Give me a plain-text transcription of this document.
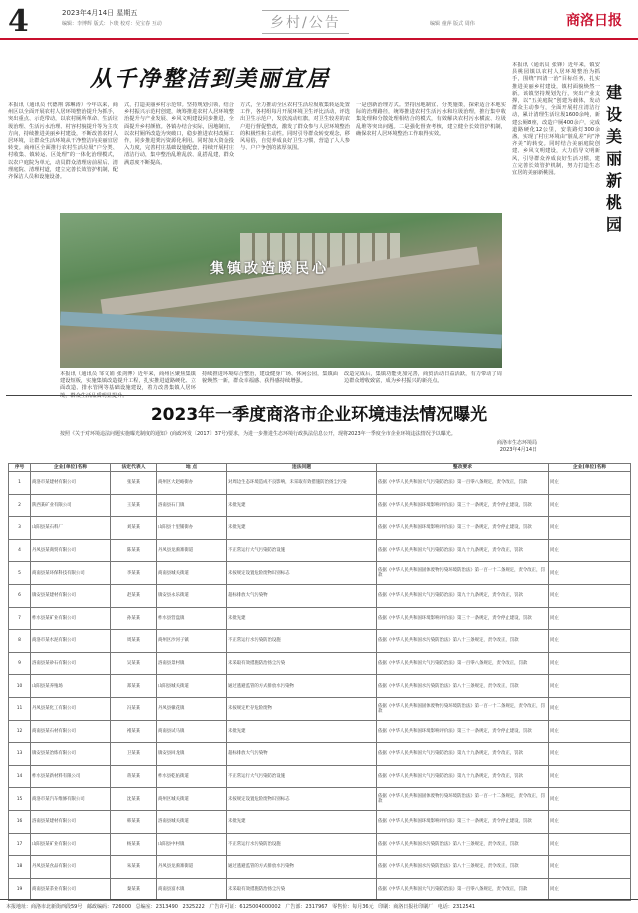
4	2023年4月14日 星期五
编辑：李博辉 版式：卜琰 校对：吴宝春 互动	乡村/公告	编辑 童萍 版式 周伟	商洛日报
从千净整洁到美丽宜居
本报讯（通讯员 代德翔 郭琳涛）今年以来，商州区以全面开展农村人居环境整治提升为抓手，突出重点、示范带动，以农村厕所革命、生活垃圾治理、生活污水治理、村容村貌提升等为主攻方向，持续推进美丽乡村建设，不断改善农村人居环境，让群众生活环境从干净整洁向美丽宜居转变。商州区全面推行农村生活垃圾“户分类、村收集、镇转运、区处理”的一体化治理模式，以农户庭院为单元，动员群众清理房前屋后、清理庭院、清理村道，建立完善长效管护机制，配齐保洁人员和设施设备。
式，打造美丽乡村示范带。坚持规划引领，结合乡村振兴示范村创建，统筹推进农村人居环境整治提升与产业发展、乡风文明建设同步推进，全面提升乡村颜值。各镇办结合实际，因地制宜，以农村厕所改造为突破口，稳步推进农村改厕工作，同步推进粪污资源化利用。同时加大资金投入力度，完善村庄基础设施配套，持续开展村庄清洁行动，集中整治乱堆乱放、乱搭乱建，群众满意度不断提高。
方式，全力推动全区农村生活垃圾收集转运处置工作，各村组每月开展环境卫生评比活动，评选出卫生示范户，发放流动红旗，对卫生较差的农户进行督促整改，激发了群众参与人居环境整治的积极性和主动性。同时引导群众转变观念，移风易俗，自觉养成良好卫生习惯，营造了人人参与、户户争创的浓厚氛围。
一是创新治理方式。坚持因地制宜、分类施策，探索适合本地实际的治理路径，统筹推进农村生活污水和垃圾治理，推行集中收集处理和分散处理相结合的模式，有效解决农村污水横流、垃圾乱堆等突出问题。二是强化督查考核，建立健全长效管护机制，确保农村人居环境整治工作取得实效。
集镇改造暖民心
本报讯（通讯员 邹文娟 张剑博）近年来，商州区聚焦集镇建设短板，实施集镇改造提升工程，扎实推进道路硬化、立面改造、排水管网等基础设施建设，着力改善集镇人居环
持续推进环境综合整治，建设健身广场、休闲公园，集镇面貌焕然一新，群众幸福感、获得感持续增强。
改造完成后，集镇功能更加完善，商贸活动日益活跃，有力带动了周边群众增收致富，成为乡村振兴的新亮点。
本报讯（通讯员 张锋）近年来，镇安县桃园镇以农村人居环境整治为抓手，围绕“四清一治”目标任务，扎实推进美丽乡村建设，镇村面貌焕然一新。该镇坚持规划先行，突出产业支撑，以“五美庭院”创建为载体，发动群众主动参与，全面开展村庄清洁行动，累计清理生活垃圾1600余吨，新建公厕8座，改造户厕400余户，完成道路硬化12公里，安装路灯300余盏，实现了村庄环境由“脏乱差”向“净齐美”的转变。同时结合美丽庭院创建、乡风文明建设，大力倡导文明新风，引导群众养成良好生活习惯，建立完善长效管护机制，努力打造生态宜居的美丽新桃园。
建设美丽新桃园
2023年一季度商洛市企业环境违法情况曝光
按照《关于对环境违法问题实施曝光制度的通知》(商政环发〔2017〕37号)要求，为进一步推进生态环境行政执法信息公开，现将2023年一季度全市企业环境违法情况予以曝光。
商洛市生态环境局
2023年4月14日
序号	企业(单位)名称	法定代表人	地 点	违法问题	整改要求	企业(单位)名称
1	商洛市某建材有限公司	张某某	商州区大赵峪街办	对周边生态环境造成不良影响，未采取有效措施防治扬尘污染	依据《中华人民共和国大气污染防治法》第一百零八条规定，责令改正，罚款	同左
2	陕西某矿业有限公司	王某某	洛南县石门镇	未批先建	依据《中华人民共和国环境影响评价法》第三十一条规定，责令停止建设，罚款	同左
3	山阳县某石料厂	刘某某	山阳县十里铺街办	未批先建	依据《中华人民共和国环境影响评价法》第三十一条规定，责令停止建设，罚款	同左
4	丹凤县某商贸有限公司	陈某某	丹凤县龙驹寨街道	不正常运行大气污染防治设施	依据《中华人民共和国大气污染防治法》第九十九条规定，责令改正，罚款	同左
5	商南县某环保科技有限公司	李某某	商南县城关街道	未按规定设置危险废物识别标志	依据《中华人民共和国固体废物污染环境防治法》第一百一十二条规定，责令改正，罚款	同左
6	镇安县某建材有限公司	赵某某	镇安县永乐街道	超标排放大气污染物	依据《中华人民共和国大气污染防治法》第九十九条规定，责令改正，罚款	同左
7	柞水县某矿业有限公司	孙某某	柞水县营盘镇	未批先建	依据《中华人民共和国环境影响评价法》第三十一条规定，责令停止建设，罚款	同左
8	商洛市某水泥有限公司	周某某	商州区沙河子镇	不正常运行水污染防治设施	依据《中华人民共和国水污染防治法》第八十三条规定，责令改正，罚款	同左
9	洛南县某砂石有限公司	吴某某	洛南县景村镇	未采取有效措施防治扬尘污染	依据《中华人民共和国大气污染防治法》第一百零八条规定，责令改正，罚款	同左
10	山阳县某养殖场	郑某某	山阳县城关街道	通过逃避监管的方式排放水污染物	依据《中华人民共和国水污染防治法》第八十三条规定，责令改正，罚款	同左
11	丹凤县某化工有限公司	冯某某	丹凤县棣花镇	未按规定贮存危险废物	依据《中华人民共和国固体废物污染环境防治法》第一百一十二条规定，责令改正，罚款	同左
12	商南县某石材有限公司	褚某某	商南县试马镇	未批先建	依据《中华人民共和国环境影响评价法》第三十一条规定，责令停止建设，罚款	同左
13	镇安县某冶炼有限公司	卫某某	镇安县回龙镇	超标排放大气污染物	依据《中华人民共和国大气污染防治法》第九十九条规定，责令改正，罚款	同左
14	柞水县某新材料有限公司	蒋某某	柞水县乾佑街道	不正常运行大气污染防治设施	依据《中华人民共和国大气污染防治法》第九十九条规定，责令改正，罚款	同左
15	商洛市某汽车维修有限公司	沈某某	商州区城关街道	未按规定设置危险废物识别标志	依据《中华人民共和国固体废物污染环境防治法》第一百一十二条规定，责令改正，罚款	同左
16	洛南县某建材有限公司	韩某某	洛南县城关街道	未批先建	依据《中华人民共和国环境影响评价法》第三十一条规定，责令停止建设，罚款	同左
17	山阳县某矿业有限公司	杨某某	山阳县中村镇	不正常运行水污染防治设施	依据《中华人民共和国水污染防治法》第八十三条规定，责令改正，罚款	同左
18	丹凤县某食品有限公司	朱某某	丹凤县龙驹寨街道	通过逃避监管的方式排放水污染物	依据《中华人民共和国水污染防治法》第八十三条规定，责令改正，罚款	同左
19	商南县某茶业有限公司	秦某某	商南县富水镇	未采取有效措施防治扬尘污染	依据《中华人民共和国大气污染防治法》第一百零八条规定，责令改正，罚款	同左
本报地址：商洛市北新街西段59号 邮政编码：726000 总编室：2313490 2325222 广告许可证：6125004000002 广告部：2317967 零售价：每月36元 印刷：商洛日报社印刷厂 电话：2312541
